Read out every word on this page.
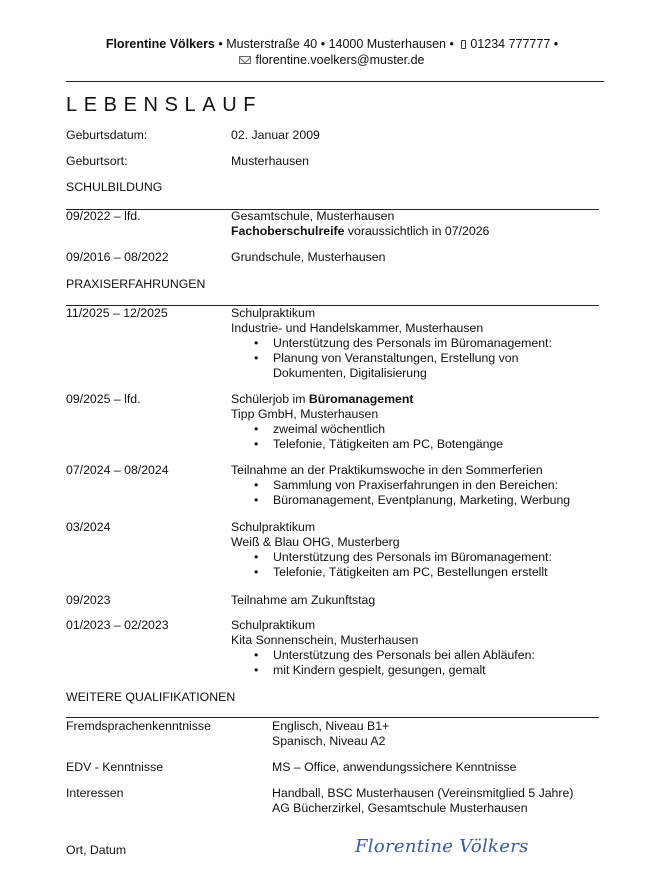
Florentine Völkers • Musterstraße 40 • 14000 Musterhausen • 01234 777777 •
florentine.voelkers@muster.de
LEBENSLAUF
Geburtsdatum:	02. Januar 2009
Geburtsort:	Musterhausen
SCHULBILDUNG
09/2022 – lfd.	Gesamtschule, Musterhausen
Fachoberschulreife voraussichtlich in 07/2026
09/2016 – 08/2022	Grundschule, Musterhausen
PRAXISERFAHRUNGEN
11/2025 – 12/2025	Schulpraktikum
Industrie- und Handelskammer, Musterhausen
• Unterstützung des Personals im Büromanagement:
• Planung von Veranstaltungen, Erstellung von
Dokumenten, Digitalisierung
09/2025 – lfd.	Schülerjob im Büromanagement
Tipp GmbH, Musterhausen
• zweimal wöchentlich
• Telefonie, Tätigkeiten am PC, Botengänge
07/2024 – 08/2024	Teilnahme an der Praktikumswoche in den Sommerferien
• Sammlung von Praxiserfahrungen in den Bereichen:
• Büromanagement, Eventplanung, Marketing, Werbung
03/2024	Schulpraktikum
Weiß & Blau OHG, Musterberg
• Unterstützung des Personals im Büromanagement:
• Telefonie, Tätigkeiten am PC, Bestellungen erstellt
09/2023	Teilnahme am Zukunftstag
01/2023 – 02/2023	Schulpraktikum
Kita Sonnenschein, Musterhausen
• Unterstützung des Personals bei allen Abläufen:
• mit Kindern gespielt, gesungen, gemalt
WEITERE QUALIFIKATIONEN
Fremdsprachenkenntnisse	Englisch, Niveau B1+
Spanisch, Niveau A2
EDV - Kenntnisse	MS – Office, anwendungssichere Kenntnisse
Interessen	Handball, BSC Musterhausen (Vereinsmitglied 5 Jahre)
AG Bücherzirkel, Gesamtschule Musterhausen
Ort, Datum	Florentine Völkers
